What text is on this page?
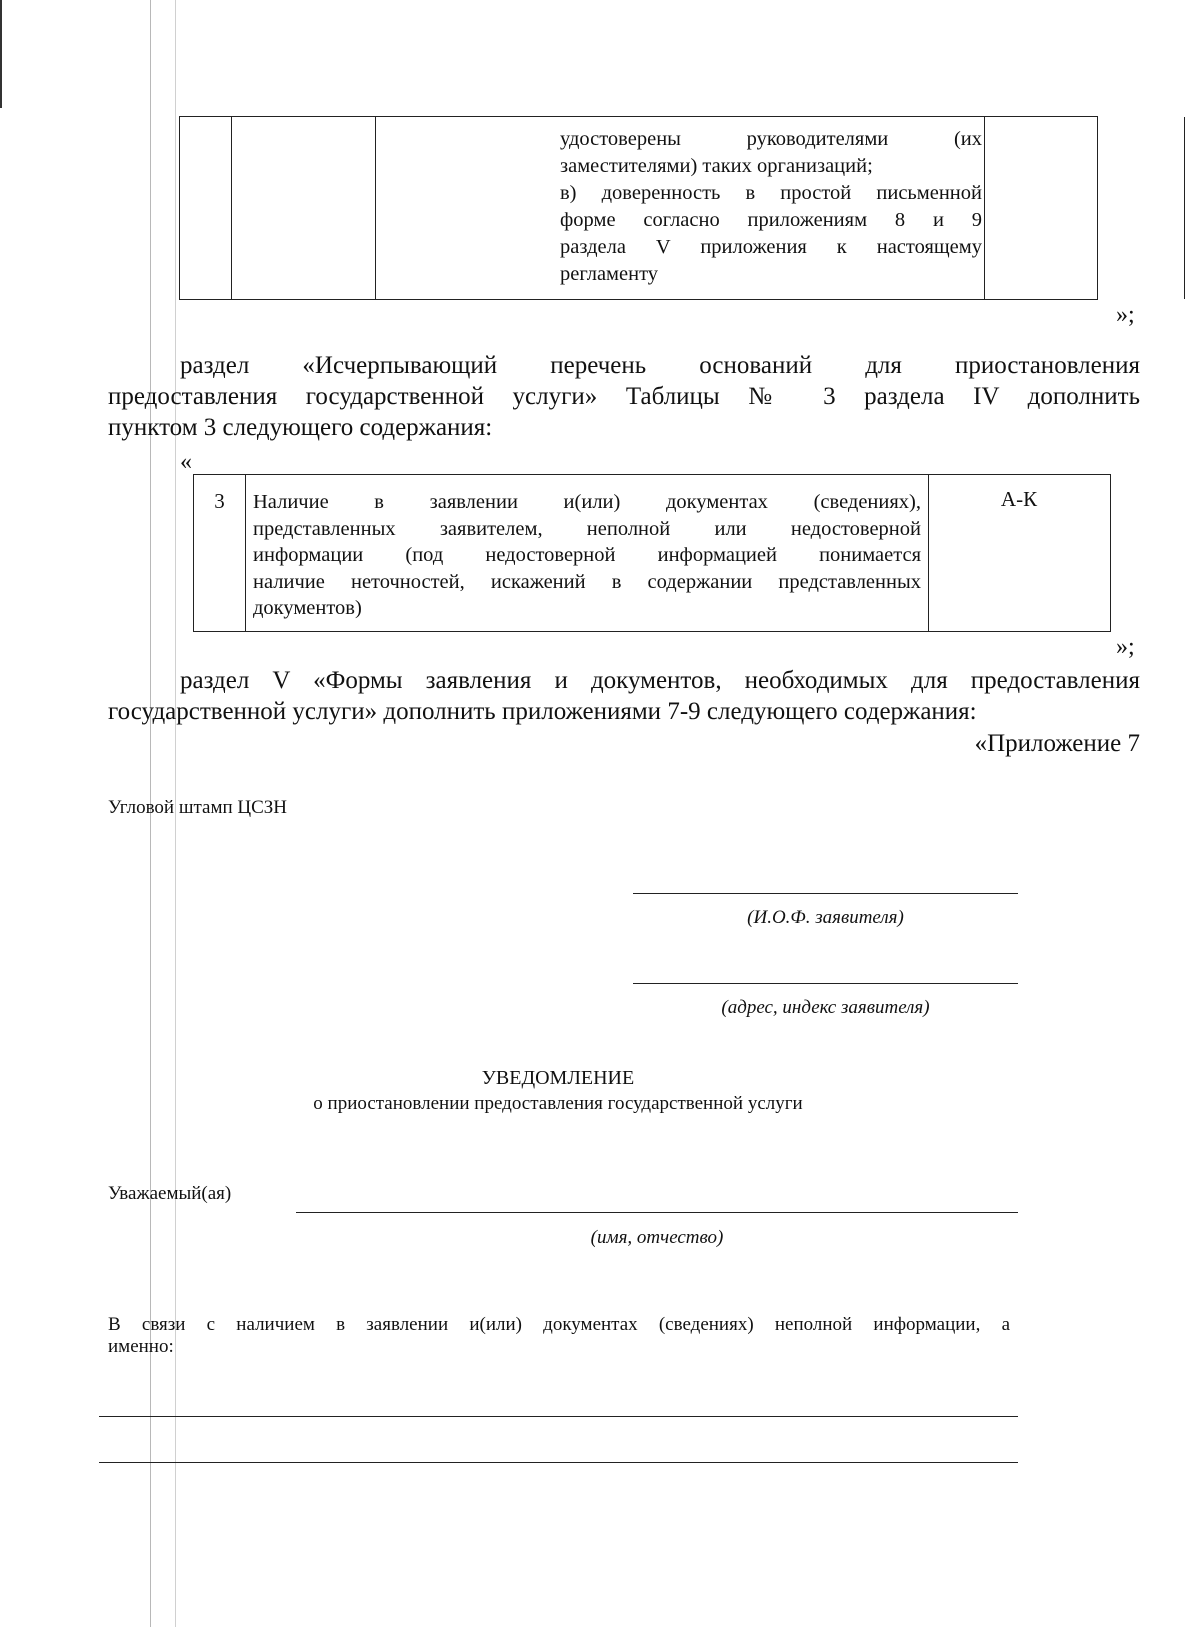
удостоверены руководителями (их
заместителями) таких организаций;
в) доверенность в простой письменной
форме согласно приложениям 8 и 9
раздела V приложения к настоящему
регламенту
»;
раздел «Исчерпывающий перечень оснований для приостановления
предоставления государственной услуги» Таблицы № 3 раздела IV дополнить
пунктом 3 следующего содержания:
«
3	Наличие в заявлении и(или) документах (сведениях),
представленных заявителем, неполной или недостоверной
информации (под недостоверной информацией понимается
наличие неточностей, искажений в содержании представленных
документов)
А-К
»;
раздел V «Формы заявления и документов, необходимых для предоставления
государственной услуги» дополнить приложениями 7-9 следующего содержания:
«Приложение 7
Угловой штамп ЦСЗН
(И.О.Ф. заявителя)
(адрес, индекс заявителя)
УВЕДОМЛЕНИЕ
о приостановлении предоставления государственной услуги
Уважаемый(ая)
(имя, отчество)
В связи с наличием в заявлении и(или) документах (сведениях) неполной информации, а
именно:
